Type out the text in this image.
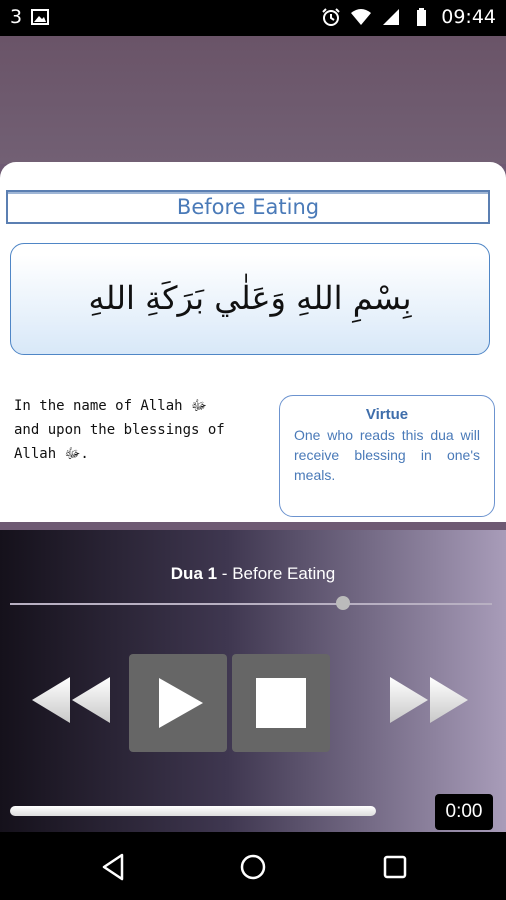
3	09:44
Before Eating
بِسْمِ اللهِ وَعَلٰي بَرَكَةِ اللهِ
In the name of Allah ﷻ and upon the blessings of Allah ﷻ.
Virtue
One who reads this dua will receive blessing in one's meals.
Dua 1 - Before Eating
0:00
